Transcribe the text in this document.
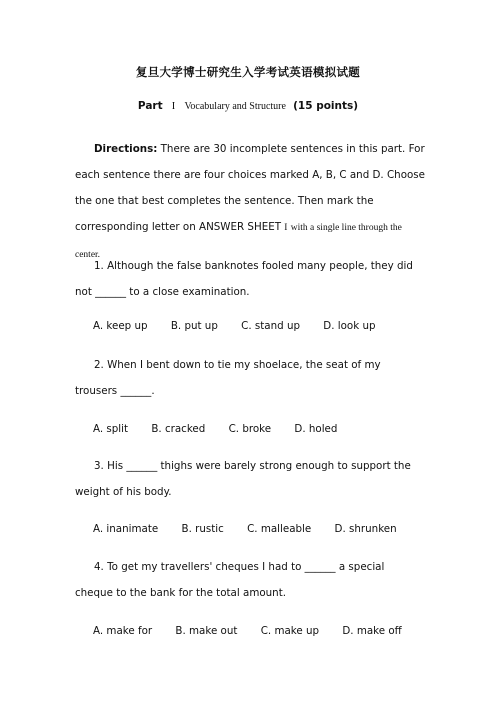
复旦大学博士研究生入学考试英语模拟试题
Part I Vocabulary and Structure (15 points)
Directions: There are 30 incomplete sentences in this part. For each sentence there are four choices marked A, B, C and D. Choose the one that best completes the sentence. Then mark the corresponding letter on ANSWER SHEET I with a single line through the center.
1. Although the false banknotes fooled many people, they did not ______ to a close examination.
A. keep up B. put up C. stand up D. look up
2. When I bent down to tie my shoelace, the seat of my trousers ______.
A. split B. cracked C. broke D. holed
3. His ______ thighs were barely strong enough to support the weight of his body.
A. inanimate B. rustic C. malleable D. shrunken
4. To get my travellers' cheques I had to ______ a special cheque to the bank for the total amount.
A. make for B. make out C. make up D. make off
